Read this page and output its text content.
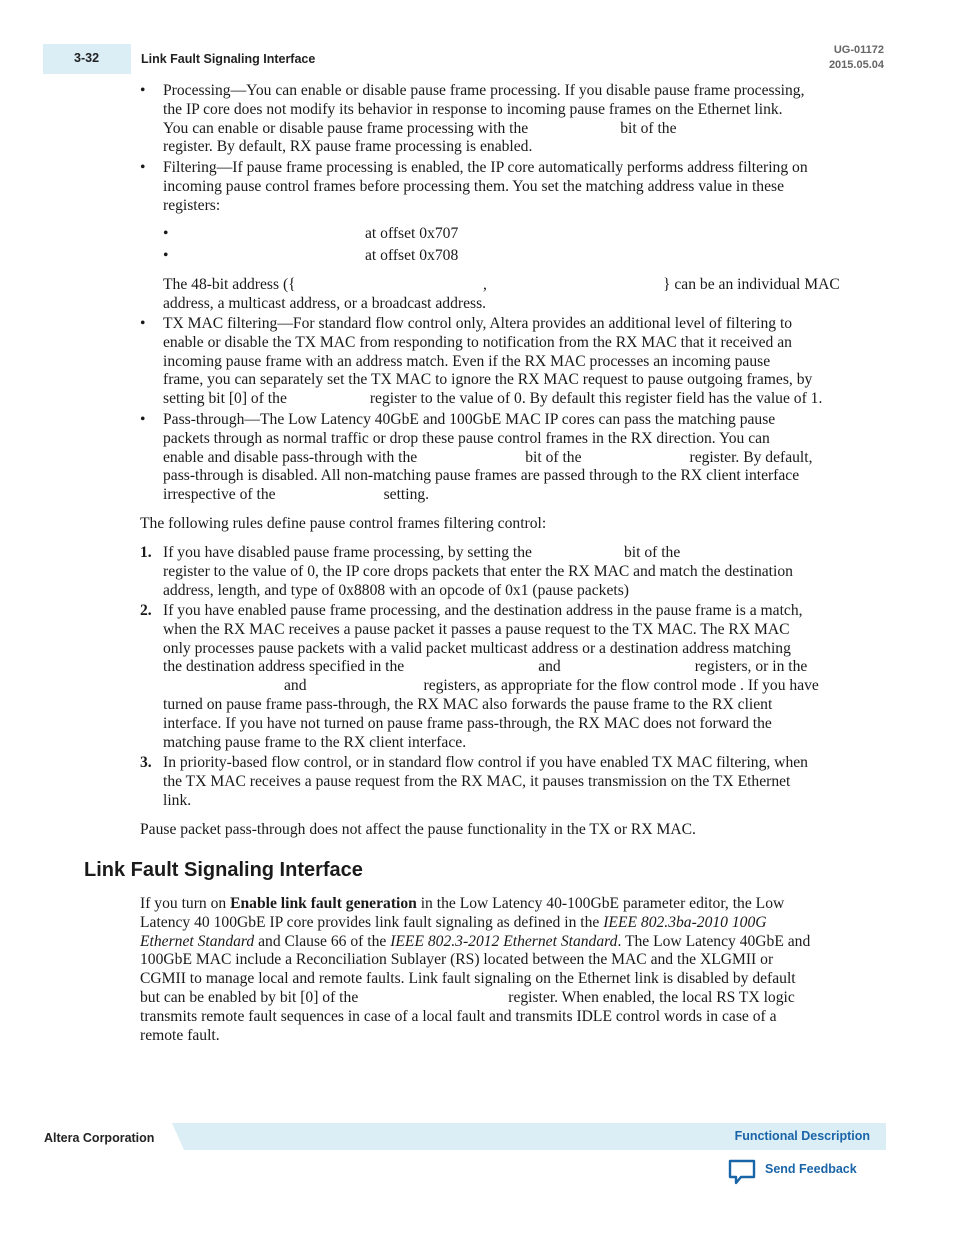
3-32	Link Fault Signaling Interface
UG-01172
2015.05.04
• Processing—You can enable or disable pause frame processing. If you disable pause frame processing,
the IP core does not modify its behavior in response to incoming pause frames on the Ethernet link.
You can enable or disable pause frame processing with the	bit of the
register. By default, RX pause frame processing is enabled.
• Filtering—If pause frame processing is enabled, the IP core automatically performs address filtering on
incoming pause control frames before processing them. You set the matching address value in these
registers:
•	at offset 0x707
•	at offset 0x708
The 48-bit address ({	,	} can be an individual MAC
address, a multicast address, or a broadcast address.
• TX MAC filtering—For standard flow control only, Altera provides an additional level of filtering to
enable or disable the TX MAC from responding to notification from the RX MAC that it received an
incoming pause frame with an address match. Even if the RX MAC processes an incoming pause
frame, you can separately set the TX MAC to ignore the RX MAC request to pause outgoing frames, by
setting bit [0] of the	register to the value of 0. By default this register field has the value of 1.
• Pass-through—The Low Latency 40GbE and 100GbE MAC IP cores can pass the matching pause
packets through as normal traffic or drop these pause control frames in the RX direction. You can
enable and disable pass-through with the	bit of the	register. By default,
pass-through is disabled. All non-matching pause frames are passed through to the RX client interface
irrespective of the	setting.
The following rules define pause control frames filtering control:
1. If you have disabled pause frame processing, by setting the	bit of the
register to the value of 0, the IP core drops packets that enter the RX MAC and match the destination
address, length, and type of 0x8808 with an opcode of 0x1 (pause packets)
2. If you have enabled pause frame processing, and the destination address in the pause frame is a match,
when the RX MAC receives a pause packet it passes a pause request to the TX MAC. The RX MAC
only processes pause packets with a valid packet multicast address or a destination address matching
the destination address specified in the	and	registers, or in the
and	registers, as appropriate for the flow control mode . If you have
turned on pause frame pass-through, the RX MAC also forwards the pause frame to the RX client
interface. If you have not turned on pause frame pass-through, the RX MAC does not forward the
matching pause frame to the RX client interface.
3. In priority-based flow control, or in standard flow control if you have enabled TX MAC filtering, when
the TX MAC receives a pause request from the RX MAC, it pauses transmission on the TX Ethernet
link.
Pause packet pass-through does not affect the pause functionality in the TX or RX MAC.
Link Fault Signaling Interface
If you turn on Enable link fault generation in the Low Latency 40-100GbE parameter editor, the Low
Latency 40 100GbE IP core provides link fault signaling as defined in the IEEE 802.3ba-2010 100G
Ethernet Standard and Clause 66 of the IEEE 802.3-2012 Ethernet Standard. The Low Latency 40GbE and
100GbE MAC include a Reconciliation Sublayer (RS) located between the MAC and the XLGMII or
CGMII to manage local and remote faults. Link fault signaling on the Ethernet link is disabled by default
but can be enabled by bit [0] of the	register. When enabled, the local RS TX logic
transmits remote fault sequences in case of a local fault and transmits IDLE control words in case of a
remote fault.
Altera Corporation	Functional Description
Send Feedback
